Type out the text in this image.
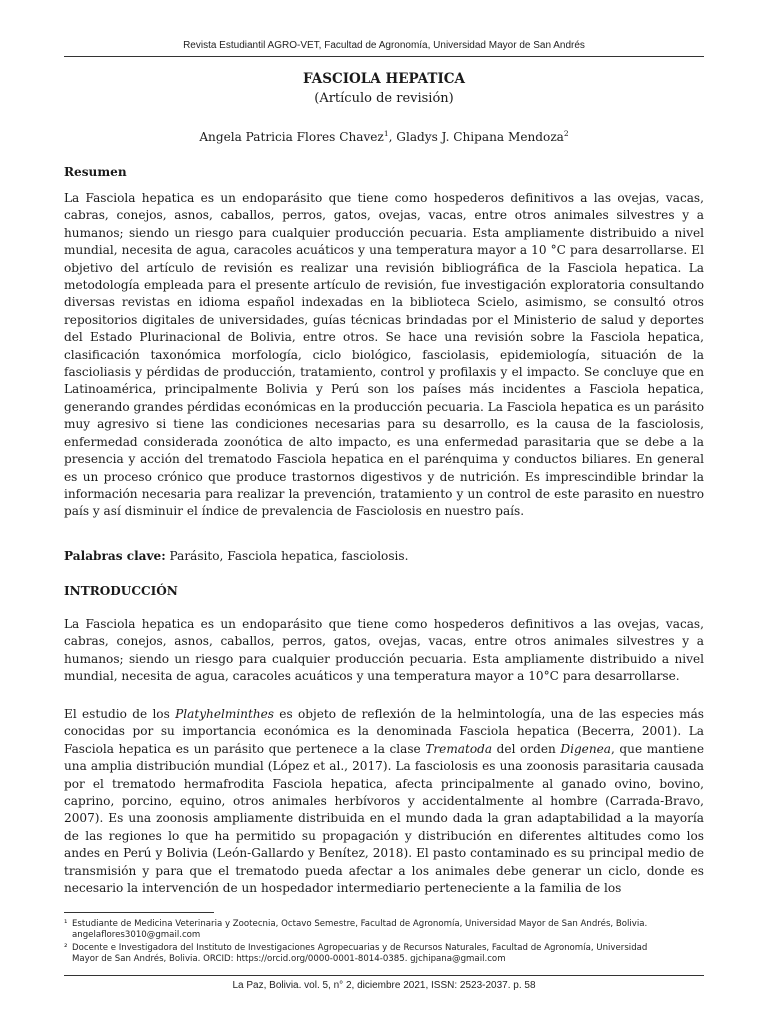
Revista Estudiantil AGRO-VET, Facultad de Agronomía, Universidad Mayor de San Andrés
FASCIOLA HEPATICA
(Artículo de revisión)
Angela Patricia Flores Chavez$^1$, Gladys J. Chipana Mendoza$^2$
Resumen

La Fasciola hepatica es un endoparásito que tiene como hospederos definitivos a las ovejas, vacas, cabras, conejos, asnos, caballos, perros, gatos, ovejas, vacas, entre otros animales silvestres y a humanos; siendo un riesgo para cualquier producción pecuaria. Esta ampliamente distribuido a nivel mundial, necesita de agua, caracoles acuáticos y una temperatura mayor a 10 °C para desarrollarse. El objetivo del artículo de revisión es realizar una revisión bibliográfica de la Fasciola hepatica. La metodología empleada para el presente artículo de revisión, fue investigación exploratoria consultando diversas revistas en idioma español indexadas en la biblioteca Scielo, asimismo, se consultó otros repositorios digitales de universidades, guías técnicas brindadas por el Ministerio de salud y deportes del Estado Plurinacional de Bolivia, entre otros. Se hace una revisión sobre la Fasciola hepatica, clasificación taxonómica morfología, ciclo biológico, fasciolasis, epidemiología, situación de la fascioliasis y pérdidas de producción, tratamiento, control y profilaxis y el impacto. Se concluye que en Latinoamérica, principalmente Bolivia y Perú son los países más incidentes a Fasciola hepatica, generando grandes pérdidas económicas en la producción pecuaria. La Fasciola hepatica es un parásito muy agresivo si tiene las condiciones necesarias para su desarrollo, es la causa de la fasciolosis, enfermedad considerada zoonótica de alto impacto, es una enfermedad parasitaria que se debe a la presencia y acción del trematodo Fasciola hepatica en el parénquima y conductos biliares. En general es un proceso crónico que produce trastornos digestivos y de nutrición. Es imprescindible brindar la información necesaria para realizar la prevención, tratamiento y un control de este parasito en nuestro país y así disminuir el índice de prevalencia de Fasciolosis en nuestro país.

Palabras clave: Parásito, Fasciola hepatica, fasciolosis.

INTRODUCCIÓN

La Fasciola hepatica es un endoparásito que tiene como hospederos definitivos a las ovejas, vacas, cabras, conejos, asnos, caballos, perros, gatos, ovejas, vacas, entre otros animales silvestres y a humanos; siendo un riesgo para cualquier producción pecuaria. Esta ampliamente distribuido a nivel mundial, necesita de agua, caracoles acuáticos y una temperatura mayor a 10°C para desarrollarse.

El estudio de los Platyhelminthes es objeto de reflexión de la helmintología, una de las especies más conocidas por su importancia económica es la denominada Fasciola hepatica (Becerra, 2001). La Fasciola hepatica es un parásito que pertenece a la clase Trematoda del orden Digenea, que mantiene una amplia distribución mundial (López et al., 2017). La fasciolosis es una zoonosis parasitaria causada por el trematodo hermafrodita Fasciola hepatica, afecta principalmente al ganado ovino, bovino, caprino, porcino, equino, otros animales herbívoros y accidentalmente al hombre (Carrada-Bravo, 2007). Es una zoonosis ampliamente distribuida en el mundo dada la gran adaptabilidad a la mayoría de las regiones lo que ha permitido su propagación y distribución en diferentes altitudes como los andes en Perú y Bolivia (León-Gallardo y Benítez, 2018). El pasto contaminado es su principal medio de transmisión y para que el trematodo pueda afectar a los animales debe generar un ciclo, donde es necesario la intervención de un hospedador intermediario perteneciente a la familia de los

¹ Estudiante de Medicina Veterinaria y Zootecnia, Octavo Semestre, Facultad de Agronomía, Universidad Mayor de San Andrés, Bolivia.
angelaflores3010@gmail.com
² Docente e Investigadora del Instituto de Investigaciones Agropecuarias y de Recursos Naturales, Facultad de Agronomía, Universidad
Mayor de San Andrés, Bolivia. ORCID: https://orcid.org/0000-0001-8014-0385. gjchipana@gmail.com
La Paz, Bolivia. vol. 5, n° 2, diciembre 2021, ISSN: 2523-2037. p. 58
